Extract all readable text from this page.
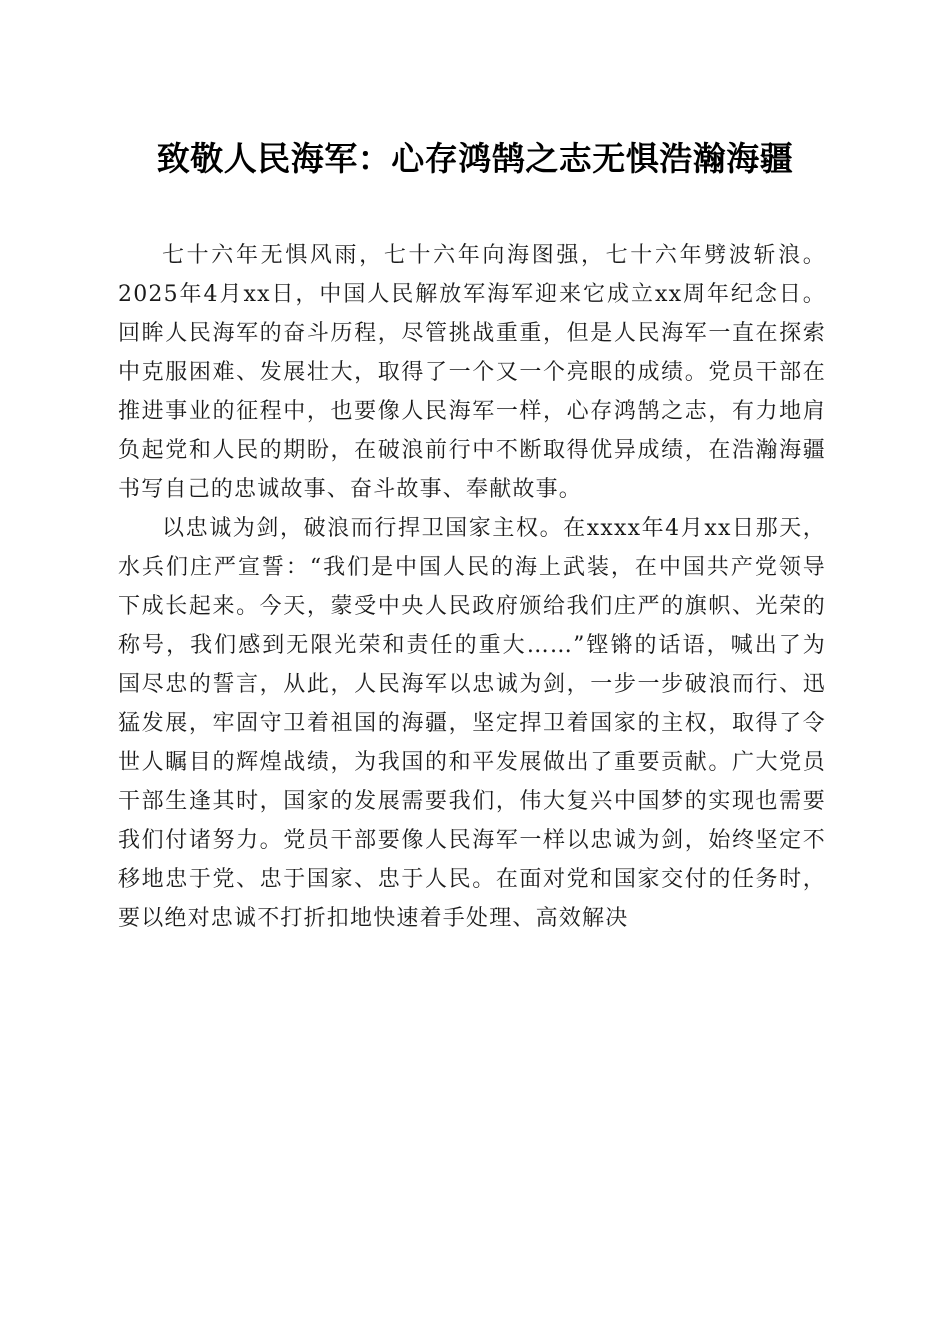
致敬人民海军：心存鸿鹄之志无惧浩瀚海疆

七十六年无惧风雨，七十六年向海图强，七十六年劈波斩浪。2025年4月xx日，中国人民解放军海军迎来它成立xx周年纪念日。回眸人民海军的奋斗历程，尽管挑战重重，但是人民海军一直在探索中克服困难、发展壮大，取得了一个又一个亮眼的成绩。党员干部在推进事业的征程中，也要像人民海军一样，心存鸿鹄之志，有力地肩负起党和人民的期盼，在破浪前行中不断取得优异成绩，在浩瀚海疆书写自己的忠诚故事、奋斗故事、奉献故事。

以忠诚为剑，破浪而行捍卫国家主权。在xxxx年4月xx日那天，水兵们庄严宣誓：“我们是中国人民的海上武装，在中国共产党领导下成长起来。今天，蒙受中央人民政府颁给我们庄严的旗帜、光荣的称号，我们感到无限光荣和责任的重大……”铿锵的话语，喊出了为国尽忠的誓言，从此，人民海军以忠诚为剑，一步一步破浪而行、迅猛发展，牢固守卫着祖国的海疆，坚定捍卫着国家的主权，取得了令世人瞩目的辉煌战绩，为我国的和平发展做出了重要贡献。广大党员干部生逢其时，国家的发展需要我们，伟大复兴中国梦的实现也需要我们付诸努力。党员干部要像人民海军一样以忠诚为剑，始终坚定不移地忠于党、忠于国家、忠于人民。在面对党和国家交付的任务时，要以绝对忠诚不打折扣地快速着手处理、高效解决
